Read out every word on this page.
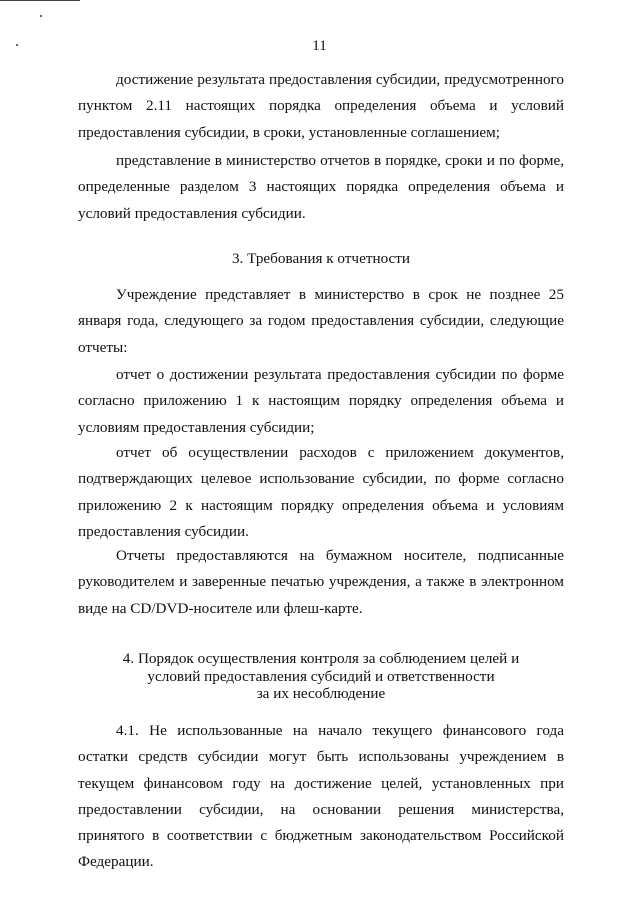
11

достижение результата предоставления субсидии, предусмотренного пунктом 2.11 настоящих порядка определения объема и условий предоставления субсидии, в сроки, установленные соглашением;

представление в министерство отчетов в порядке, сроки и по форме, определенные разделом 3 настоящих порядка определения объема и условий предоставления субсидии.

3. Требования к отчетности

Учреждение представляет в министерство в срок не позднее 25 января года, следующего за годом предоставления субсидии, следующие отчеты:

отчет о достижении результата предоставления субсидии по форме согласно приложению 1 к настоящим порядку определения объема и условиям предоставления субсидии;

отчет об осуществлении расходов с приложением документов, подтверждающих целевое использование субсидии, по форме согласно приложению 2 к настоящим порядку определения объема и условиям предоставления субсидии.

Отчеты предоставляются на бумажном носителе, подписанные руководителем и заверенные печатью учреждения, а также в электронном виде на CD/DVD-носителе или флеш-карте.

4. Порядок осуществления контроля за соблюдением целей и
условий предоставления субсидий и ответственности
за их несоблюдение

4.1. Не использованные на начало текущего финансового года остатки средств субсидии могут быть использованы учреждением в текущем финансовом году на достижение целей, установленных при предоставлении субсидии, на основании решения министерства, принятого в соответствии с бюджетным законодательством Российской Федерации.
